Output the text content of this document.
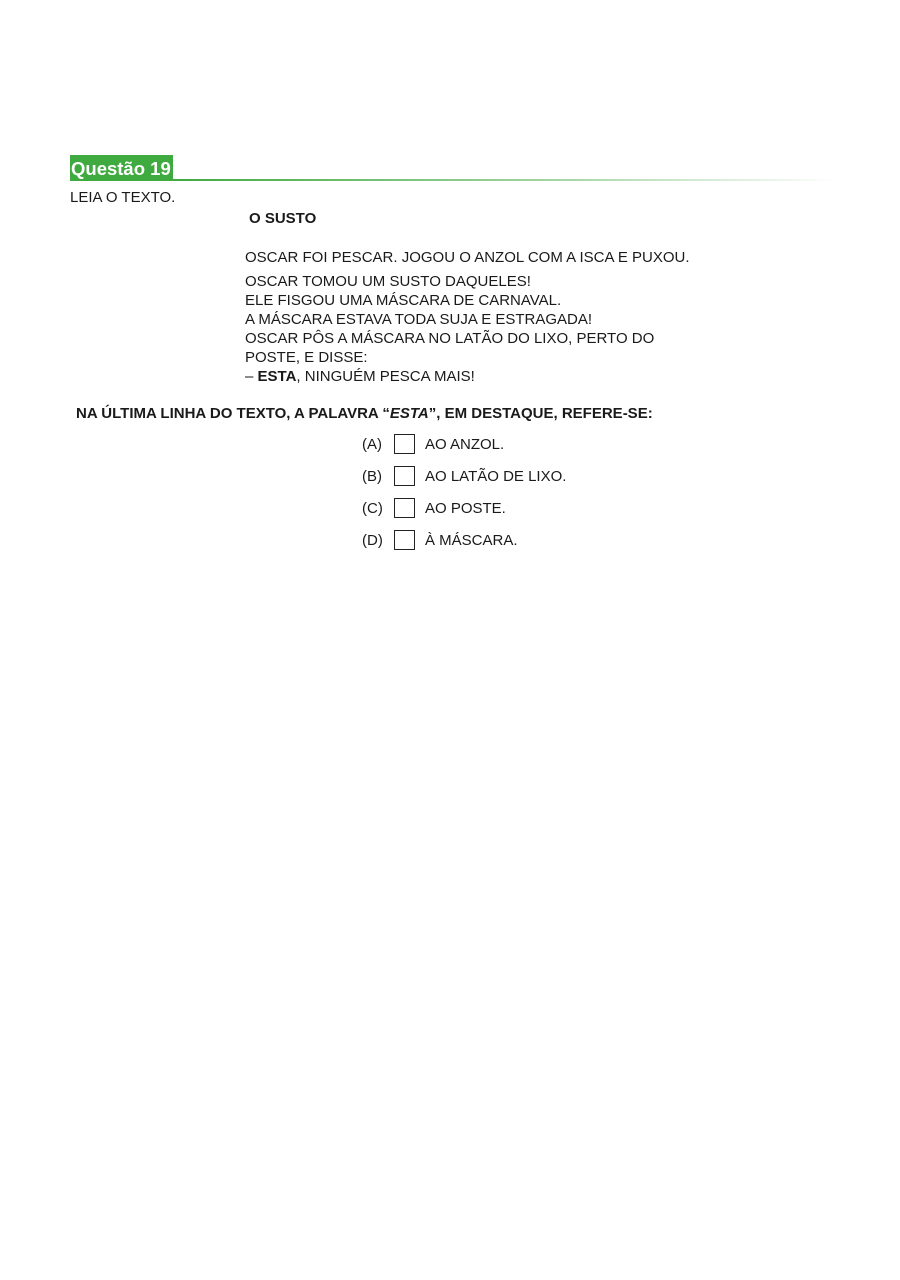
Questão 19
LEIA O TEXTO.
O SUSTO
OSCAR FOI PESCAR. JOGOU O ANZOL COM A ISCA E PUXOU.
OSCAR TOMOU UM SUSTO DAQUELES!
ELE FISGOU UMA MÁSCARA DE CARNAVAL.
A MÁSCARA ESTAVA TODA SUJA E ESTRAGADA!
OSCAR PÔS A MÁSCARA NO LATÃO DO LIXO, PERTO DO
POSTE, E DISSE:
– ESTA, NINGUÉM PESCA MAIS!
NA ÚLTIMA LINHA DO TEXTO, A PALAVRA “ESTA”, EM DESTAQUE, REFERE-SE:
(A)	AO ANZOL.
(B)	AO LATÃO DE LIXO.
(C)	AO POSTE.
(D)	À MÁSCARA.
